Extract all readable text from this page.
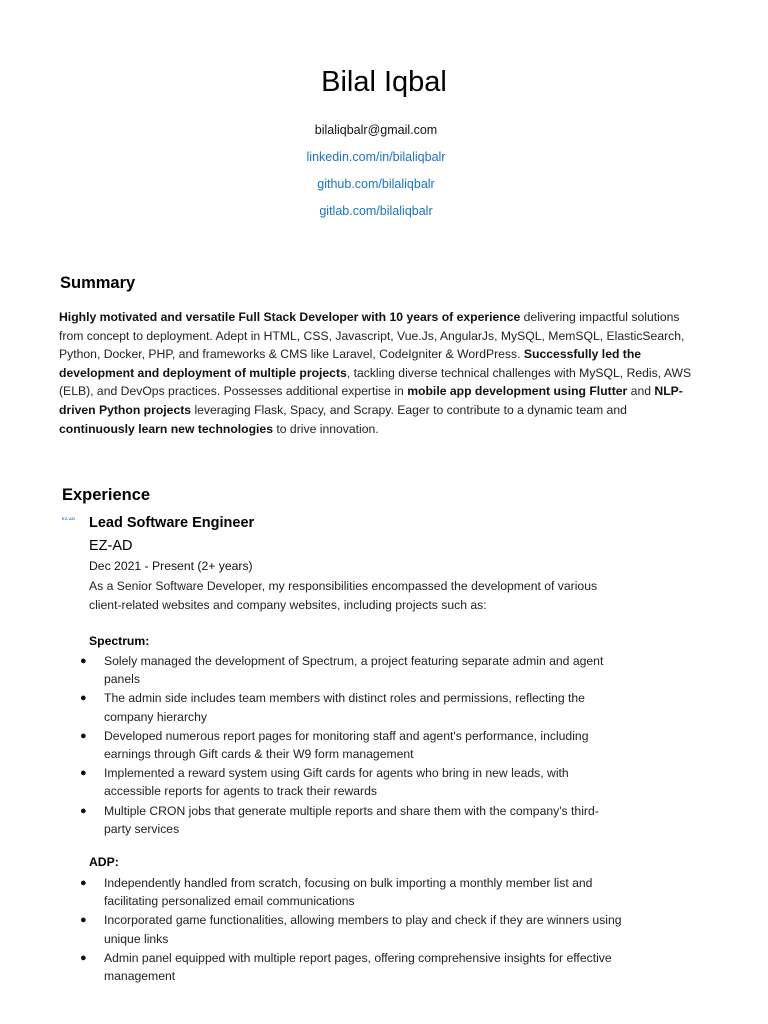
Bilal Iqbal
bilaliqbalr@gmail.com
linkedin.com/in/bilaliqbalr
github.com/bilaliqbalr
gitlab.com/bilaliqbalr
Summary
Highly motivated and versatile Full Stack Developer with 10 years of experience delivering impactful solutions from concept to deployment. Adept in HTML, CSS, Javascript, Vue.Js, AngularJs, MySQL, MemSQL, ElasticSearch, Python, Docker, PHP, and frameworks & CMS like Laravel, CodeIgniter & WordPress. Successfully led the development and deployment of multiple projects, tackling diverse technical challenges with MySQL, Redis, AWS (ELB), and DevOps practices. Possesses additional expertise in mobile app development using Flutter and NLP-driven Python projects leveraging Flask, Spacy, and Scrapy. Eager to contribute to a dynamic team and continuously learn new technologies to drive innovation.
Experience
EZ-AD Lead Software Engineer
EZ-AD
Dec 2021 - Present (2+ years)
As a Senior Software Developer, my responsibilities encompassed the development of various client-related websites and company websites, including projects such as:
Spectrum:
● Solely managed the development of Spectrum, a project featuring separate admin and agent panels
● The admin side includes team members with distinct roles and permissions, reflecting the company hierarchy
● Developed numerous report pages for monitoring staff and agent's performance, including earnings through Gift cards & their W9 form management
● Implemented a reward system using Gift cards for agents who bring in new leads, with accessible reports for agents to track their rewards
● Multiple CRON jobs that generate multiple reports and share them with the company's third-party services
ADP:
● Independently handled from scratch, focusing on bulk importing a monthly member list and facilitating personalized email communications
● Incorporated game functionalities, allowing members to play and check if they are winners using unique links
● Admin panel equipped with multiple report pages, offering comprehensive insights for effective management
